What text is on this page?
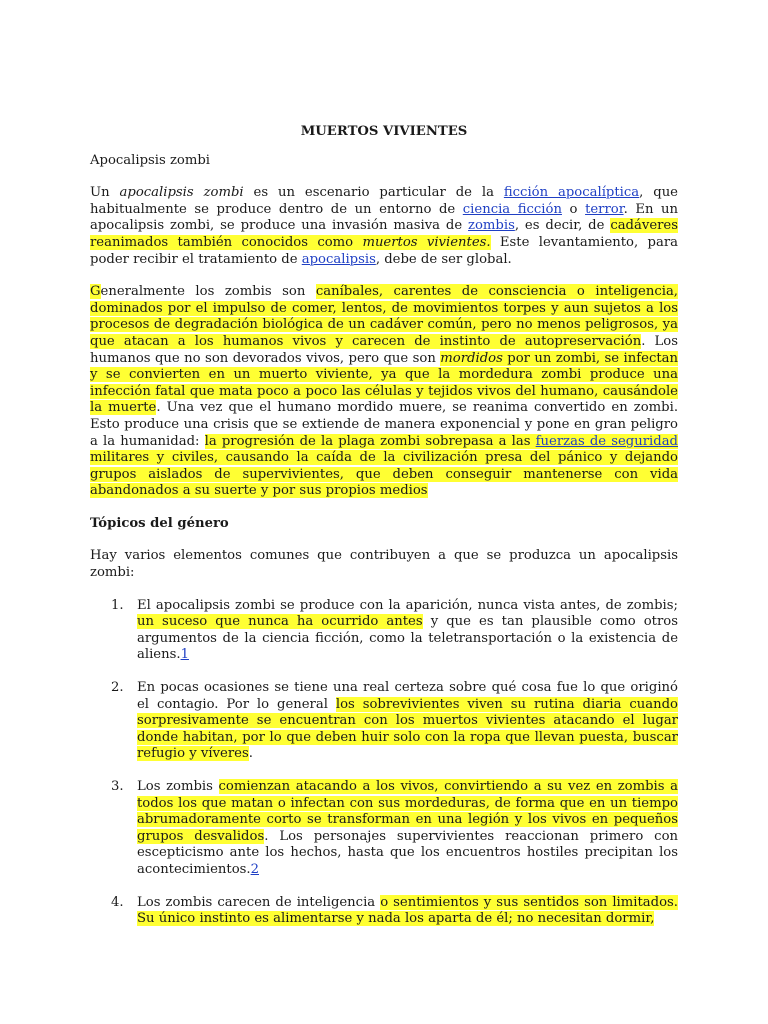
MUERTOS VIVIENTES
Apocalipsis zombi

Un apocalipsis zombi es un escenario particular de la ficción apocalíptica, que habitualmente se produce dentro de un entorno de ciencia ficción o terror. En un apocalipsis zombi, se produce una invasión masiva de zombis, es decir, de cadáveres reanimados también conocidos como muertos vivientes. Este levantamiento, para poder recibir el tratamiento de apocalipsis, debe de ser global.

Generalmente los zombis son caníbales, carentes de consciencia o inteligencia, dominados por el impulso de comer, lentos, de movimientos torpes y aun sujetos a los procesos de degradación biológica de un cadáver común, pero no menos peligrosos, ya que atacan a los humanos vivos y carecen de instinto de autopreservación. Los humanos que no son devorados vivos, pero que son mordidos por un zombi, se infectan y se convierten en un muerto viviente, ya que la mordedura zombi produce una infección fatal que mata poco a poco las células y tejidos vivos del humano, causándole la muerte. Una vez que el humano mordido muere, se reanima convertido en zombi. Esto produce una crisis que se extiende de manera exponencial y pone en gran peligro a la humanidad: la progresión de la plaga zombi sobrepasa a las fuerzas de seguridad militares y civiles, causando la caída de la civilización presa del pánico y dejando grupos aislados de supervivientes, que deben conseguir mantenerse con vida abandonados a su suerte y por sus propios medios

Tópicos del género

Hay varios elementos comunes que contribuyen a que se produzca un apocalipsis zombi:

1. El apocalipsis zombi se produce con la aparición, nunca vista antes, de zombis; un suceso que nunca ha ocurrido antes y que es tan plausible como otros argumentos de la ciencia ficción, como la teletransportación o la existencia de aliens.1
2. En pocas ocasiones se tiene una real certeza sobre qué cosa fue lo que originó el contagio. Por lo general los sobrevivientes viven su rutina diaria cuando sorpresivamente se encuentran con los muertos vivientes atacando el lugar donde habitan, por lo que deben huir solo con la ropa que llevan puesta, buscar refugio y víveres.
3. Los zombis comienzan atacando a los vivos, convirtiendo a su vez en zombis a todos los que matan o infectan con sus mordeduras, de forma que en un tiempo abrumadoramente corto se transforman en una legión y los vivos en pequeños grupos desvalidos. Los personajes supervivientes reaccionan primero con escepticismo ante los hechos, hasta que los encuentros hostiles precipitan los acontecimientos.2
4. Los zombis carecen de inteligencia o sentimientos y sus sentidos son limitados. Su único instinto es alimentarse y nada los aparta de él; no necesitan dormir,
